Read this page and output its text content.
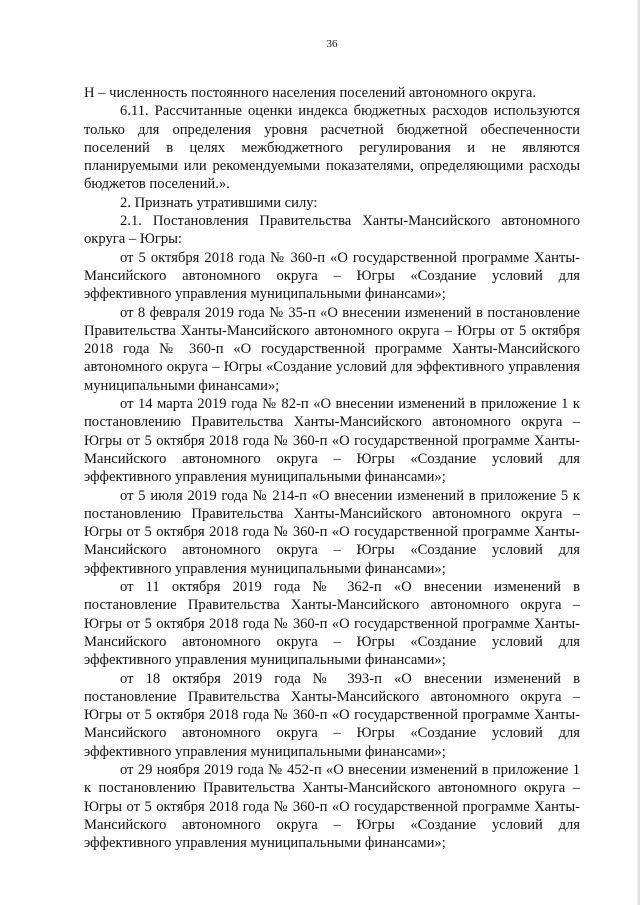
36

Н – численность постоянного населения поселений автономного округа.

6.11. Рассчитанные оценки индекса бюджетных расходов используются только для определения уровня расчетной бюджетной обеспеченности поселений в целях межбюджетного регулирования и не являются планируемыми или рекомендуемыми показателями, определяющими расходы бюджетов поселений.».

2. Признать утратившими силу:

2.1. Постановления Правительства Ханты-Мансийского автономного округа – Югры:

от 5 октября 2018 года № 360-п «О государственной программе Ханты-Мансийского автономного округа – Югры «Создание условий для эффективного управления муниципальными финансами»;

от 8 февраля 2019 года № 35-п «О внесении изменений в постановление Правительства Ханты-Мансийского автономного округа – Югры от 5 октября 2018 года № 360-п «О государственной программе Ханты-Мансийского автономного округа – Югры «Создание условий для эффективного управления муниципальными финансами»;

от 14 марта 2019 года № 82-п «О внесении изменений в приложение 1 к постановлению Правительства Ханты-Мансийского автономного округа – Югры от 5 октября 2018 года № 360-п «О государственной программе Ханты-Мансийского автономного округа – Югры «Создание условий для эффективного управления муниципальными финансами»;

от 5 июля 2019 года № 214-п «О внесении изменений в приложение 5 к постановлению Правительства Ханты-Мансийского автономного округа – Югры от 5 октября 2018 года № 360-п «О государственной программе Ханты-Мансийского автономного округа – Югры «Создание условий для эффективного управления муниципальными финансами»;

от 11 октября 2019 года № 362-п «О внесении изменений в постановление Правительства Ханты-Мансийского автономного округа – Югры от 5 октября 2018 года № 360-п «О государственной программе Ханты-Мансийского автономного округа – Югры «Создание условий для эффективного управления муниципальными финансами»;

от 18 октября 2019 года № 393-п «О внесении изменений в постановление Правительства Ханты-Мансийского автономного округа – Югры от 5 октября 2018 года № 360-п «О государственной программе Ханты-Мансийского автономного округа – Югры «Создание условий для эффективного управления муниципальными финансами»;

от 29 ноября 2019 года № 452-п «О внесении изменений в приложение 1 к постановлению Правительства Ханты-Мансийского автономного округа – Югры от 5 октября 2018 года № 360-п «О государственной программе Ханты-Мансийского автономного округа – Югры «Создание условий для эффективного управления муниципальными финансами»;
